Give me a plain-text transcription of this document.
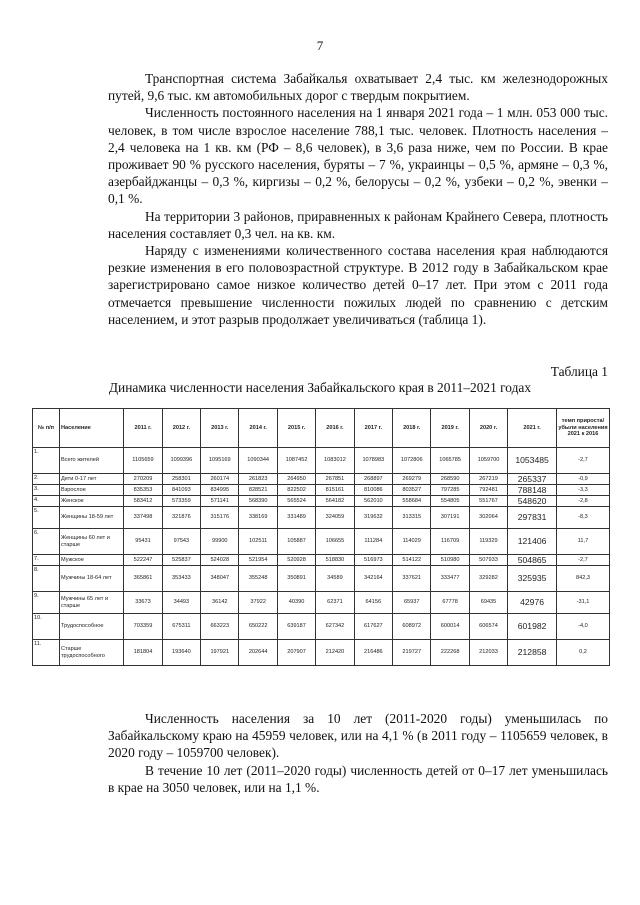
7

Транспортная система Забайкалья охватывает 2,4 тыс. км железнодорожных путей, 9,6 тыс. км автомобильных дорог с твердым покрытием.

Численность постоянного населения на 1 января 2021 года – 1 млн. 053 000 тыс. человек, в том числе взрослое население 788,1 тыс. человек. Плотность населения – 2,4 человека на 1 кв. км (РФ – 8,6 человек), в 3,6 раза ниже, чем по России. В крае проживает 90 % русского населения, буряты – 7 %, украинцы – 0,5 %, армяне – 0,3 %, азербайджанцы – 0,3 %, киргизы – 0,2 %, белорусы – 0,2 %, узбеки – 0,2 %, эвенки – 0,1 %.

На территории 3 районов, приравненных к районам Крайнего Севера, плотность населения составляет 0,3 чел. на кв. км.

Наряду с изменениями количественного состава населения края наблюдаются резкие изменения в его половозрастной структуре. В 2012 году в Забайкальском крае зарегистрировано самое низкое количество детей 0–17 лет. При этом с 2011 года отмечается превышение численности пожилых людей по сравнению с детским населением, и этот разрыв продолжает увеличиваться (таблица 1).

Таблица 1
Динамика численности населения Забайкальского края в 2011–2021 годах
№ п/п	Население	2011 г.	2012 г.	2013 г.	2014 г.	2015 г.	2016 г.	2017 г.	2018 г.	2019 г.	2020 г.	2021 г.	темп прироста/убыли населения 2021 к 2016
1.	Всего жителей	1105659	1099396	1095169	1090344	1087452	1083012	1078983	1072806	1065785	1059700	1053485	-2,7
2.	Дети 0-17 лет	270209	258301	260174	261823	264950	267851	268897	269279	268590	267219	265337	-0,9
3.	Взрослое	835353	841093	834995	828521	822502	815161	810086	803527	797285	792481	788148	-3,3
4.	Женское	583412	573359	571141	568390	565524	564182	562010	558684	554805	551767	548620	-2,8
5.	Женщины 18-59 лет	337498	321876	315176	338169	331489	324059	319632	313315	307191	302064	297831	-8,3
6.	Женщины 60 лет и старше	95431	97543	99900	102511	105887	106655	111284	114029	116709	119329	121406	11,7
7.	Мужское	522247	525837	524028	521954	520928	518830	516973	514122	510980	507933	504865	-2,7
8.	Мужчины 18-64 лет	365861	353433	348047	355248	350891	34589	342164	337621	333477	329282	325935	842,3
9.	Мужчины 65 лет и старше	33673	34493	36142	37922	40390	62371	64156	65937	67778	69435	42976	-31,1
10.	Трудоспособное	703359	675311	663223	650222	639187	627342	617627	608972	600014	606574	601982	-4,0
11.	Старше трудоспособного	181804	193640	197921	202644	207907	212420	216486	219727	222268	212033	212858	0,2

Численность населения за 10 лет (2011-2020 годы) уменьшилась по Забайкальскому краю на 45959 человек, или на 4,1 % (в 2011 году – 1105659 человек, в 2020 году – 1059700 человек).

В течение 10 лет (2011–2020 годы) численность детей от 0–17 лет уменьшилась в крае на 3050 человек, или на 1,1 %.
